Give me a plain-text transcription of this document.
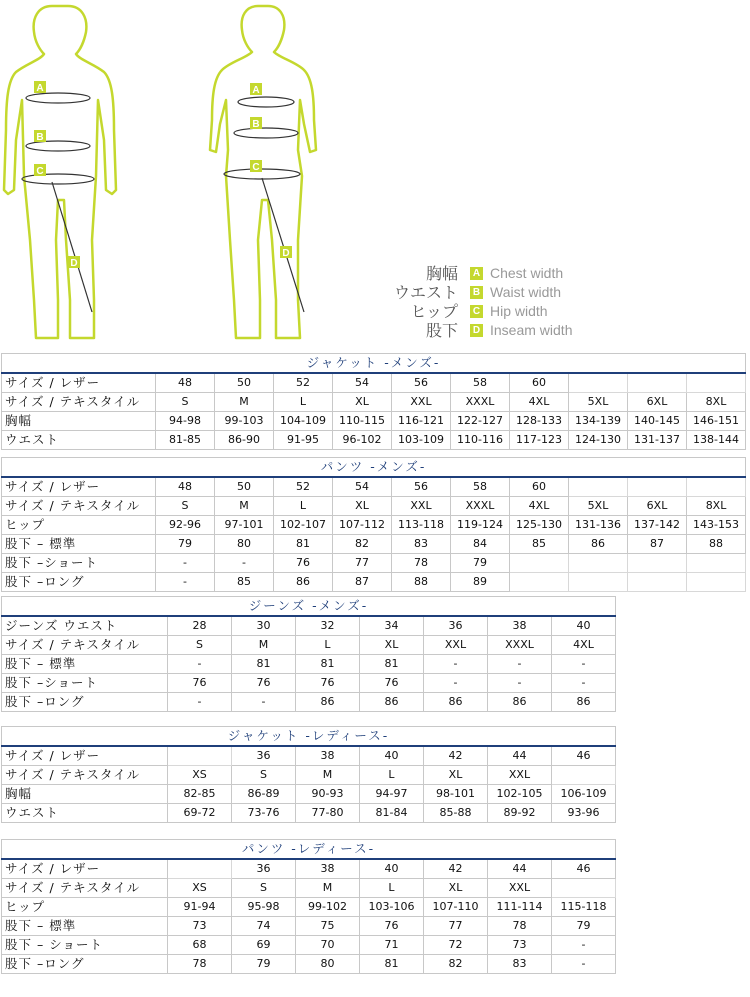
A
B
C
D
A
B
C
D
胸幅 A Chest width
ウエスト B Waist width
ヒップ C Hip width
股下 D Inseam width
ジャケット -メンズ-										
サイズ / レザー	48	50	52	54	56	58	60			
サイズ / テキスタイル	S	M	L	XL	XXL	XXXL	4XL	5XL	6XL	8XL
胸幅	94-98	99-103	104-109	110-115	116-121	122-127	128-133	134-139	140-145	146-151
ウエスト	81-85	86-90	91-95	96-102	103-109	110-116	117-123	124-130	131-137	138-144
パンツ -メンズ-										
サイズ / レザー	48	50	52	54	56	58	60			
サイズ / テキスタイル	S	M	L	XL	XXL	XXXL	4XL	5XL	6XL	8XL
ヒップ	92-96	97-101	102-107	107-112	113-118	119-124	125-130	131-136	137-142	143-153
股下 – 標準	79	80	81	82	83	84	85	86	87	88
股下 –ショート	-	-	76	77	78	79				
股下 –ロング	-	85	86	87	88	89				
ジーンズ -メンズ-							
ジーンズ ウエスト	28	30	32	34	36	38	40
サイズ / テキスタイル	S	M	L	XL	XXL	XXXL	4XL
股下 – 標準	-	81	81	81	-	-	-
股下 –ショート	76	76	76	76	-	-	-
股下 –ロング	-	-	86	86	86	86	86
ジャケット -レディース-							
サイズ / レザー		36	38	40	42	44	46
サイズ / テキスタイル	XS	S	M	L	XL	XXL	
胸幅	82-85	86-89	90-93	94-97	98-101	102-105	106-109
ウエスト	69-72	73-76	77-80	81-84	85-88	89-92	93-96
パンツ -レディース-							
サイズ / レザー		36	38	40	42	44	46
サイズ / テキスタイル	XS	S	M	L	XL	XXL	
ヒップ	91-94	95-98	99-102	103-106	107-110	111-114	115-118
股下 – 標準	73	74	75	76	77	78	79
股下 – ショート	68	69	70	71	72	73	-
股下 –ロング	78	79	80	81	82	83	-
